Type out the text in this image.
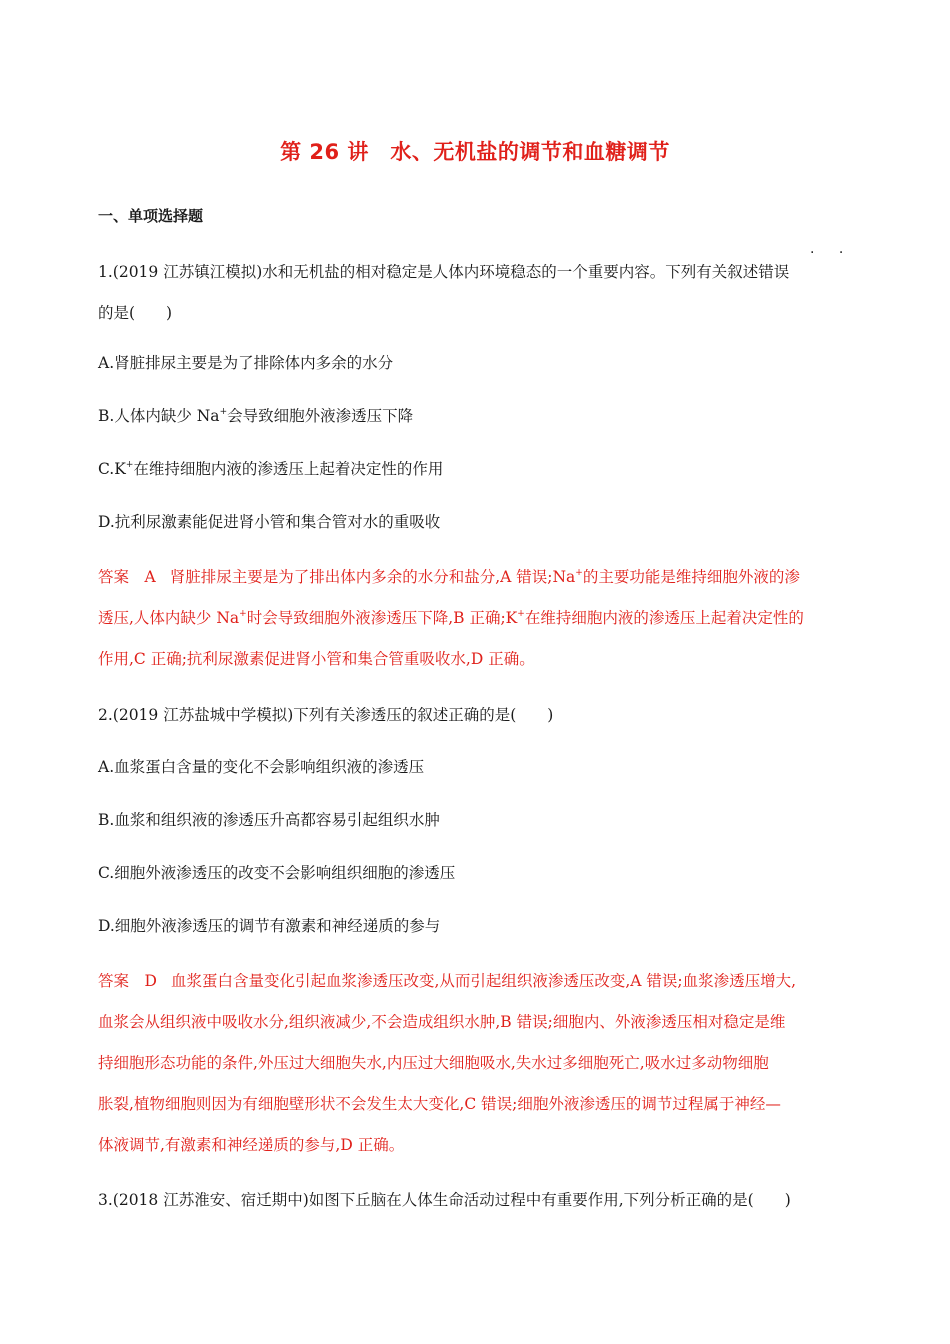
第 26 讲　水、无机盐的调节和血糖调节
一、单项选择题
· ·
1.(2019 江苏镇江模拟)水和无机盐的相对稳定是人体内环境稳态的一个重要内容。下列有关叙述错误
的是(　　)
A.肾脏排尿主要是为了排除体内多余的水分
B.人体内缺少 Na+会导致细胞外液渗透压下降
C.K+在维持细胞内液的渗透压上起着决定性的作用
D.抗利尿激素能促进肾小管和集合管对水的重吸收
答案　A 肾脏排尿主要是为了排出体内多余的水分和盐分,A 错误;Na+的主要功能是维持细胞外液的渗
透压,人体内缺少 Na+时会导致细胞外液渗透压下降,B 正确;K+在维持细胞内液的渗透压上起着决定性的
作用,C 正确;抗利尿激素促进肾小管和集合管重吸收水,D 正确。
2.(2019 江苏盐城中学模拟)下列有关渗透压的叙述正确的是(　　)
A.血浆蛋白含量的变化不会影响组织液的渗透压
B.血浆和组织液的渗透压升高都容易引起组织水肿
C.细胞外液渗透压的改变不会影响组织细胞的渗透压
D.细胞外液渗透压的调节有激素和神经递质的参与
答案　D 血浆蛋白含量变化引起血浆渗透压改变,从而引起组织液渗透压改变,A 错误;血浆渗透压增大,
血浆会从组织液中吸收水分,组织液减少,不会造成组织水肿,B 错误;细胞内、外液渗透压相对稳定是维
持细胞形态功能的条件,外压过大细胞失水,内压过大细胞吸水,失水过多细胞死亡,吸水过多动物细胞
胀裂,植物细胞则因为有细胞壁形状不会发生太大变化,C 错误;细胞外液渗透压的调节过程属于神经—
体液调节,有激素和神经递质的参与,D 正确。
3.(2018 江苏淮安、宿迁期中)如图下丘脑在人体生命活动过程中有重要作用,下列分析正确的是(　　)
